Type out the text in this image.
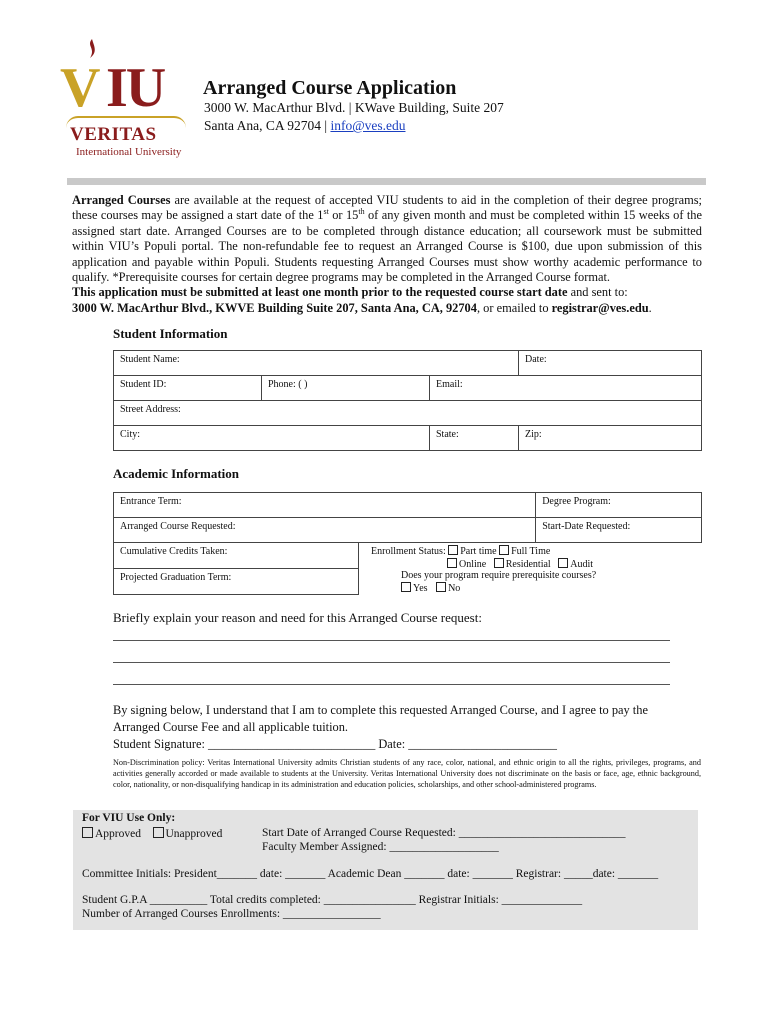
V IU
VERITAS
International University
Arranged Course Application
3000 W. MacArthur Blvd. | KWave Building, Suite 207
Santa Ana, CA 92704 | info@ves.edu

Arranged Courses are available at the request of accepted VIU students to aid in the completion of their degree programs; these courses may be assigned a start date of the 1st or 15th of any given month and must be completed within 15 weeks of the assigned start date. Arranged Courses are to be completed through distance education; all coursework must be submitted within VIU’s Populi portal. The non-refundable fee to request an Arranged Course is $100, due upon submission of this application and payable within Populi. Students requesting Arranged Courses must show worthy academic performance to qualify. *Prerequisite courses for certain degree programs may be completed in the Arranged Course format.

This application must be submitted at least one month prior to the requested course start date and sent to:

3000 W. MacArthur Blvd., KWVE Building Suite 207, Santa Ana, CA, 92704, or emailed to registrar@ves.edu.

Student Information
Student Name:			Date:
Student ID:	Phone: ( )	Email:	
Street Address:			
City:		State:	Zip:
Academic Information
Entrance Term:		Degree Program:
Arranged Course Requested:		Start-Date Requested:
Cumulative Credits Taken:	Enrollment Status: Part time Full Time
Online Residential Audit
Does your program require prerequisite courses?
Yes No	

Projected Graduation Term:		
Briefly explain your reason and need for this Arranged Course request:
By signing below, I understand that I am to complete this requested Arranged Course, and I agree to pay the Arranged Course Fee and all applicable tuition.
Student Signature: ___________________________ Date: ________________________
Non-Discrimination policy: Veritas International University admits Christian students of any race, color, national, and ethnic origin to all the rights, privileges, programs, and activities generally accorded or made available to students at the University. Veritas International University does not discriminate on the basis or face, age, ethnic background, color, nationality, or non-disqualifying handicap in its administration and education policies, scholarships, and other school-administered programs.
For VIU Use Only:
Approved Unapproved	Start Date of Arranged Course Requested: _____________________________
Faculty Member Assigned: ___________________
Committee Initials: President_______ date: _______ Academic Dean _______ date: _______ Registrar: _____date: _______
Student G.P.A __________ Total credits completed: ________________ Registrar Initials: ______________
Number of Arranged Courses Enrollments: _________________
